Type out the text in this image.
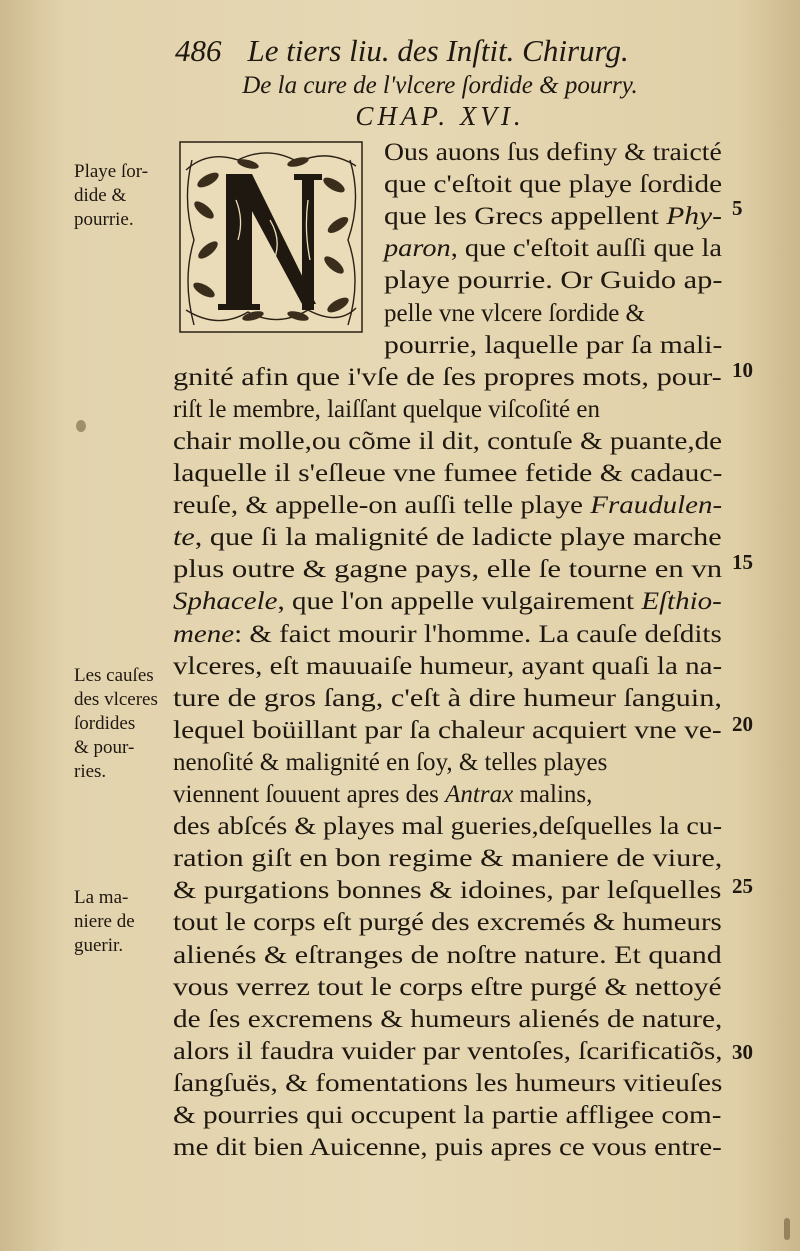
486 Le tiers liu. des Inſtit. Chirurg.
De la cure de l'vlcere ſordide & pourry.
CHAP. XVI.
Ous auons ſus definy & traicté
que c'eſtoit que playe ſordide
que les Grecs appellent Phy-
paron, que c'eſtoit auſſi que la
playe pourrie. Or Guido ap-
pelle vne vlcere ſordide &
pourrie, laquelle par ſa mali-
gnité afin que i'vſe de ſes propres mots, pour-
riſt le membre, laiſſant quelque viſcoſité en
chair molle,ou cõme il dit, contuſe & puante,de
laquelle il s'eſleue vne fumee fetide & cadauc-
reuſe, & appelle-on auſſi telle playe Fraudulen-
te, que ſi la malignité de ladicte playe marche
plus outre & gagne pays, elle ſe tourne en vn
Sphacele, que l'on appelle vulgairement Eſthio-
mene: & faict mourir l'homme. La cauſe deſdits
vlceres, eſt mauuaiſe humeur, ayant quaſi la na-
ture de gros ſang, c'eſt à dire humeur ſanguin,
lequel boüillant par ſa chaleur acquiert vne ve-
nenoſité & malignité en ſoy, & telles playes
viennent ſouuent apres des Antrax malins,
des abſcés & playes mal gueries,deſquelles la cu-
ration giſt en bon regime & maniere de viure,
& purgations bonnes & idoines, par leſquelles
tout le corps eſt purgé des excremés & humeurs
alienés & eſtranges de noſtre nature. Et quand
vous verrez tout le corps eſtre purgé & nettoyé
de ſes excremens & humeurs alienés de nature,
alors il faudra vuider par ventoſes, ſcarificatiõs,
ſangſuës, & fomentations les humeurs vitieuſes
& pourries qui occupent la partie affligee com-
me dit bien Auicenne, puis apres ce vous entre-
Playe ſor-
dide &
pourrie.
Les cauſes
des vlceres
ſordides
& pour-
ries.
La ma-
niere de
guerir.
5
10
15
20
25
30
